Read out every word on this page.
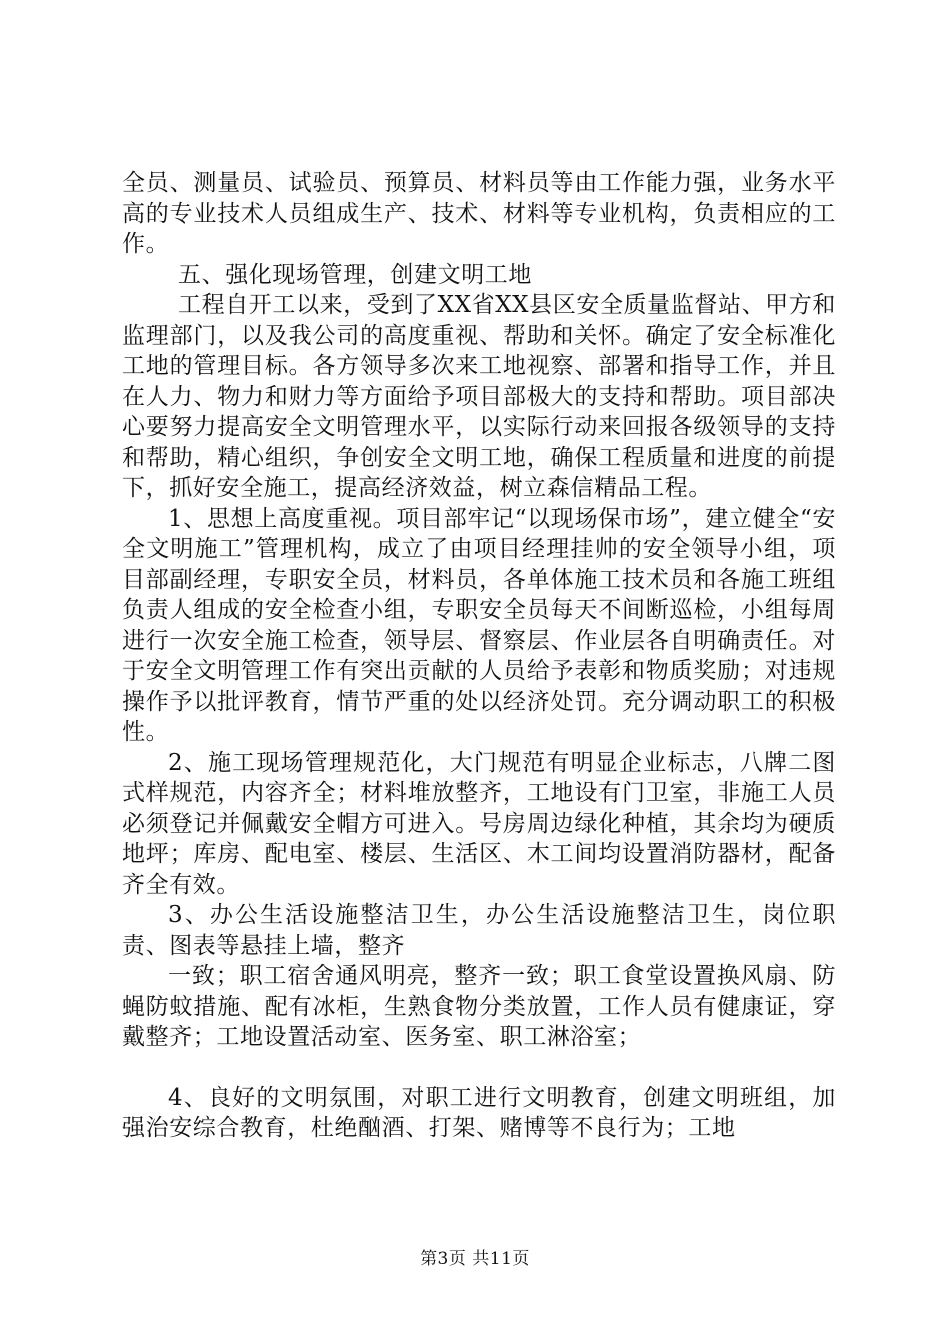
全员、测量员、试验员、预算员、材料员等由工作能力强，业务水平高的专业技术人员组成生产、技术、材料等专业机构，负责相应的工作。

五、强化现场管理，创建文明工地

工程自开工以来，受到了XX省XX县区安全质量监督站、甲方和监理部门，以及我公司的高度重视、帮助和关怀。确定了安全标准化工地的管理目标。各方领导多次来工地视察、部署和指导工作，并且在人力、物力和财力等方面给予项目部极大的支持和帮助。项目部决心要努力提高安全文明管理水平，以实际行动来回报各级领导的支持和帮助，精心组织，争创安全文明工地，确保工程质量和进度的前提下，抓好安全施工，提高经济效益，树立森信精品工程。

1、思想上高度重视。项目部牢记“以现场保市场”，建立健全“安全文明施工”管理机构，成立了由项目经理挂帅的安全领导小组，项目部副经理，专职安全员，材料员，各单体施工技术员和各施工班组负责人组成的安全检查小组，专职安全员每天不间断巡检，小组每周进行一次安全施工检查，领导层、督察层、作业层各自明确责任。对于安全文明管理工作有突出贡献的人员给予表彰和物质奖励；对违规操作予以批评教育，情节严重的处以经济处罚。充分调动职工的积极性。

2、施工现场管理规范化，大门规范有明显企业标志，八牌二图式样规范，内容齐全；材料堆放整齐，工地设有门卫室，非施工人员必须登记并佩戴安全帽方可进入。号房周边绿化种植，其余均为硬质地坪；库房、配电室、楼层、生活区、木工间均设置消防器材，配备齐全有效。

3、办公生活设施整洁卫生，办公生活设施整洁卫生，岗位职责、图表等悬挂上墙，整齐

一致；职工宿舍通风明亮，整齐一致；职工食堂设置换风扇、防蝇防蚊措施、配有冰柜，生熟食物分类放置，工作人员有健康证，穿戴整齐；工地设置活动室、医务室、职工淋浴室；

4、良好的文明氛围，对职工进行文明教育，创建文明班组，加强治安综合教育，杜绝酗酒、打架、赌博等不良行为；工地

第3页 共11页
